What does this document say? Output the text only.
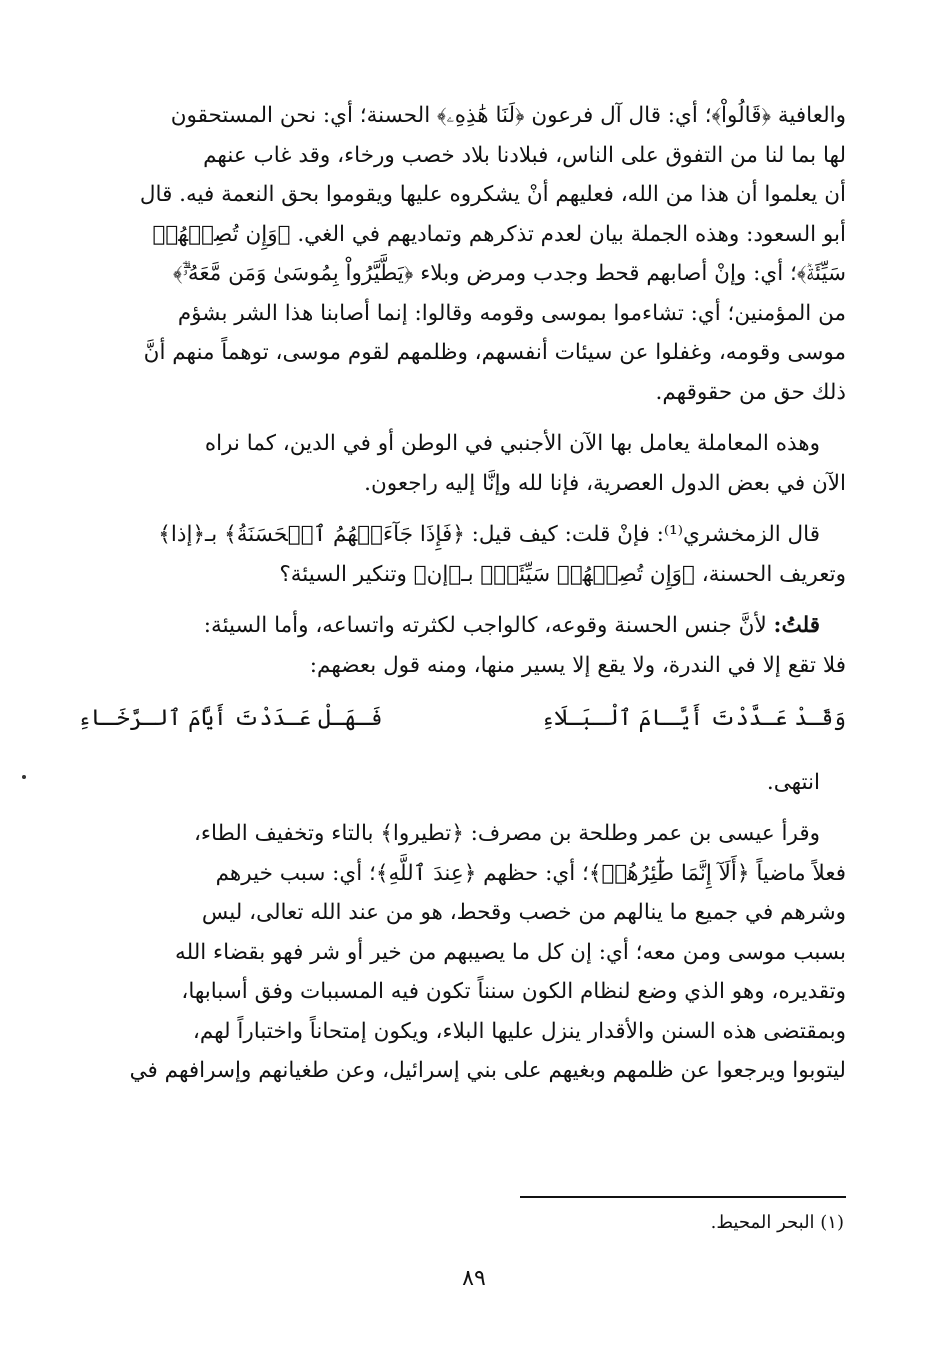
والعافية ﴿قَالُواْ﴾؛ أي: قال آل فرعون ﴿لَنَا هَٰذِهِۦ﴾ الحسنة؛ أي: نحن المستحقون
لها بما لنا من التفوق على الناس، فبلادنا بلاد خصب ورخاء، وقد غاب عنهم
أن يعلموا أن هذا من الله، فعليهم أنْ يشكروه عليها ويقوموا بحق النعمة فيه. قال
أبو السعود: وهذه الجملة بيان لعدم تذكرهم وتماديهم في الغي. ﴿وَإِن تُصِبۡهُمۡ
سَيِّئَةٞ﴾؛ أي: وإنْ أصابهم قحط وجدب ومرض وبلاء ﴿يَطَّيَّرُواْ بِمُوسَىٰ وَمَن مَّعَهُۥٓۗ﴾
من المؤمنين؛ أي: تشاءموا بموسى وقومه وقالوا: إنما أصابنا هذا الشر بشؤم
موسى وقومه، وغفلوا عن سيئات أنفسهم، وظلمهم لقوم موسى، توهماً منهم أنَّ
ذلك حق من حقوقهم.
وهذه المعاملة يعامل بها الآن الأجنبي في الوطن أو في الدين، كما نراه
الآن في بعض الدول العصرية، فإنا لله وإنَّا إليه راجعون.
قال الزمخشري⁽¹⁾: فإنْ قلت: كيف قيل: ﴿فَإِذَا جَآءَتۡهُمُ ٱلۡحَسَنَةُ﴾ بـ﴿إذا﴾
وتعريف الحسنة، ﴿وَإِن تُصِبۡهُمۡ سَيِّئَةٞ﴾ بـ﴿إن﴾ وتنكير السيئة؟
قلتُ: لأنَّ جنس الحسنة وقوعه، كالواجب لكثرته واتساعه، وأما السيئة:
فلا تقع إلا في الندرة، ولا يقع إلا يسير منها، ومنه قول بعضهم:
وَقَـدْ عَـدَّدْتَ أَيَّـامَ ٱلْـبَـلَاءِ
فَـهَـلْ عَـدَدْتَ أَيَّامَ ٱلـرَّخَـاءِ
انتهى.
وقرأ عيسى بن عمر وطلحة بن مصرف: ﴿تطيروا﴾ بالتاء وتخفيف الطاء،
فعلاً ماضياً ﴿أَلَآ إِنَّمَا طَٰٓئِرُهُمۡ﴾؛ أي: حظهم ﴿عِندَ ٱللَّهِ﴾؛ أي: سبب خيرهم
وشرهم في جميع ما ينالهم من خصب وقحط، هو من عند الله تعالى، ليس
بسبب موسى ومن معه؛ أي: إن كل ما يصيبهم من خير أو شر فهو بقضاء الله
وتقديره، وهو الذي وضع لنظام الكون سنناً تكون فيه المسببات وفق أسبابها،
وبمقتضى هذه السنن والأقدار ينزل عليها البلاء، ويكون إمتحاناً واختباراً لهم،
ليتوبوا ويرجعوا عن ظلمهم وبغيهم على بني إسرائيل، وعن طغيانهم وإسرافهم في
(١) البحر المحيط.
٨٩
